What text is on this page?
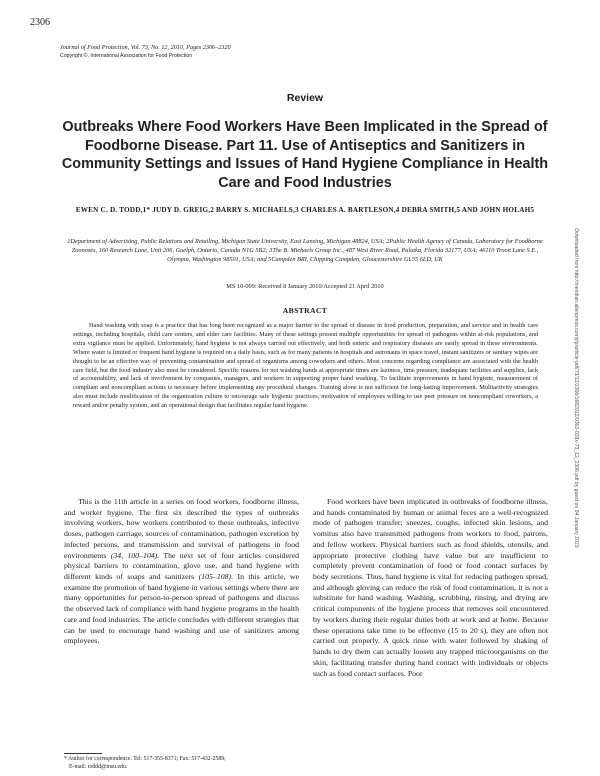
2306
Journal of Food Protection, Vol. 73, No. 12, 2010, Pages 2306–2320
Copyright ©, International Association for Food Protection
Review
Outbreaks Where Food Workers Have Been Implicated in the Spread of Foodborne Disease. Part 11. Use of Antiseptics and Sanitizers in Community Settings and Issues of Hand Hygiene Compliance in Health Care and Food Industries
EWEN C. D. TODD,1* JUDY D. GREIG,2 BARRY S. MICHAELS,3 CHARLES A. BARTLESON,4 DEBRA SMITH,5 AND JOHN HOLAH5
1Department of Advertising, Public Relations and Retailing, Michigan State University, East Lansing, Michigan 48824, USA; 2Public Health Agency of Canada, Laboratory for Foodborne Zoonoses, 160 Research Lane, Unit 206, Guelph, Ontario, Canada N1G 5B2; 3The B. Michaels Group Inc., 487 West River Road, Palatka, Florida 32177, USA; 46110 Troon Lane S.E., Olympia, Washington 98501, USA; and 5Campden BRI, Chipping Campden, Gloucestershire GL55 6LD, UK
MS 10-009: Received 8 January 2010/Accepted 21 April 2010
ABSTRACT

Hand washing with soap is a practice that has long been recognized as a major barrier to the spread of disease in food production, preparation, and service and in health care settings, including hospitals, child care centers, and elder care facilities. Many of these settings present multiple opportunities for spread of pathogens within at-risk populations, and extra vigilance must be applied. Unfortunately, hand hygiene is not always carried out effectively, and both enteric and respiratory diseases are easily spread in these environments. Where water is limited or frequent hand hygiene is required on a daily basis, such as for many patients in hospitals and astronauts in space travel, instant sanitizers or sanitary wipes are thought to be an effective way of preventing contamination and spread of organisms among coworkers and others. Most concerns regarding compliance are associated with the health care field, but the food industry also must be considered. Specific reasons for not washing hands at appropriate times are laziness, time pressure, inadequate facilities and supplies, lack of accountability, and lack of involvement by companies, managers, and workers in supporting proper hand washing. To facilitate improvements in hand hygiene, measurement of compliant and noncompliant actions is necessary before implementing any procedural changes. Training alone is not sufficient for long-lasting improvement. Multiactivity strategies also must include modification of the organization culture to encourage safe hygienic practices, motivation of employees willing to use peer pressure on noncompliant coworkers, a reward and/or penalty system, and an operational design that facilitates regular hand hygiene.

This is the 11th article in a series on food workers, foodborne illness, and worker hygiene. The first six described the types of outbreaks involving workers, how workers contributed to these outbreaks, infective doses, pathogen carriage, sources of contamination, pathogen excretion by infected persons, and transmission and survival of pathogens in food environments (34, 100–104). The next set of four articles considered physical barriers to contamination, glove use, and hand hygiene with different kinds of soaps and sanitizers (105–108). In this article, we examine the promotion of hand hygiene in various settings where there are many opportunities for person-to-person spread of pathogens and discuss the observed lack of compliance with hand hygiene programs in the health care and food industries. The article concludes with different strategies that can be used to encourage hand washing and use of sanitizers among employees.

Food workers have been implicated in outbreaks of foodborne illness, and hands contaminated by human or animal feces are a well-recognized mode of pathogen transfer; sneezes, coughs, infected skin lesions, and vomitus also have transmitted pathogens from workers to food, patrons, and fellow workers. Physical barriers such as food shields, utensils, and appropriate protective clothing have value but are insufficient to completely prevent contamination of food or food contact surfaces by body secretions. Thus, hand hygiene is vital for reducing pathogen spread, and although gloving can reduce the risk of food contamination, it is not a substitute for hand washing. Washing, scrubbing, rinsing, and drying are critical components of the hygiene process that removes soil encountered by workers during their regular duties both at work and at home. Because these operations take time to be effective (15 to 20 s), they are often not carried out properly. A quick rinse with water followed by shaking of hands to dry them can actually loosen any trapped microorganisms on the skin, facilitating transfer during hand contact with individuals or objects such as food contact surfaces. Poor

* Author for correspondence. Tel: 517-355-8371; Fax: 517-432-2589;
E-mail: toddd@msu.edu.
Downloaded from http://meridian.allenpress.com/jfp/article-pdf/73/12/2306/1682012/0362-028x-73_12_2306.pdf by guest on 04 January 2023
